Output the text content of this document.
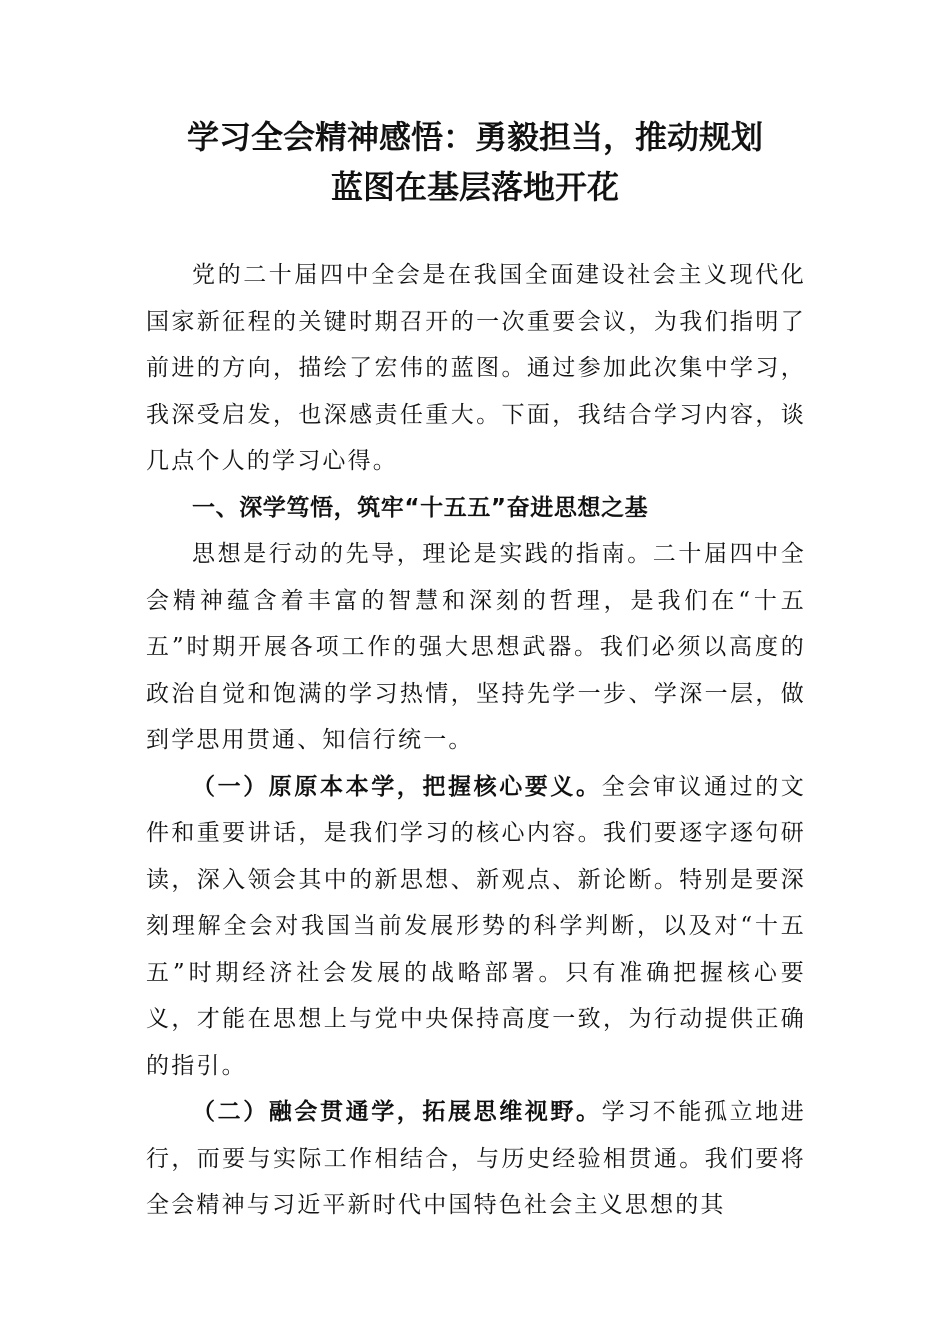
学习全会精神感悟：勇毅担当，推动规划
蓝图在基层落地开花

党的二十届四中全会是在我国全面建设社会主义现代化国家新征程的关键时期召开的一次重要会议，为我们指明了前进的方向，描绘了宏伟的蓝图。通过参加此次集中学习，我深受启发，也深感责任重大。下面，我结合学习内容，谈几点个人的学习心得。

一、深学笃悟，筑牢“十五五”奋进思想之基

思想是行动的先导，理论是实践的指南。二十届四中全会精神蕴含着丰富的智慧和深刻的哲理，是我们在“十五五”时期开展各项工作的强大思想武器。我们必须以高度的政治自觉和饱满的学习热情，坚持先学一步、学深一层，做到学思用贯通、知信行统一。

（一）原原本本学，把握核心要义。全会审议通过的文件和重要讲话，是我们学习的核心内容。我们要逐字逐句研读，深入领会其中的新思想、新观点、新论断。特别是要深刻理解全会对我国当前发展形势的科学判断，以及对“十五五”时期经济社会发展的战略部署。只有准确把握核心要义，才能在思想上与党中央保持高度一致，为行动提供正确的指引。

（二）融会贯通学，拓展思维视野。学习不能孤立地进行，而要与实际工作相结合，与历史经验相贯通。我们要将全会精神与习近平新时代中国特色社会主义思想的其
